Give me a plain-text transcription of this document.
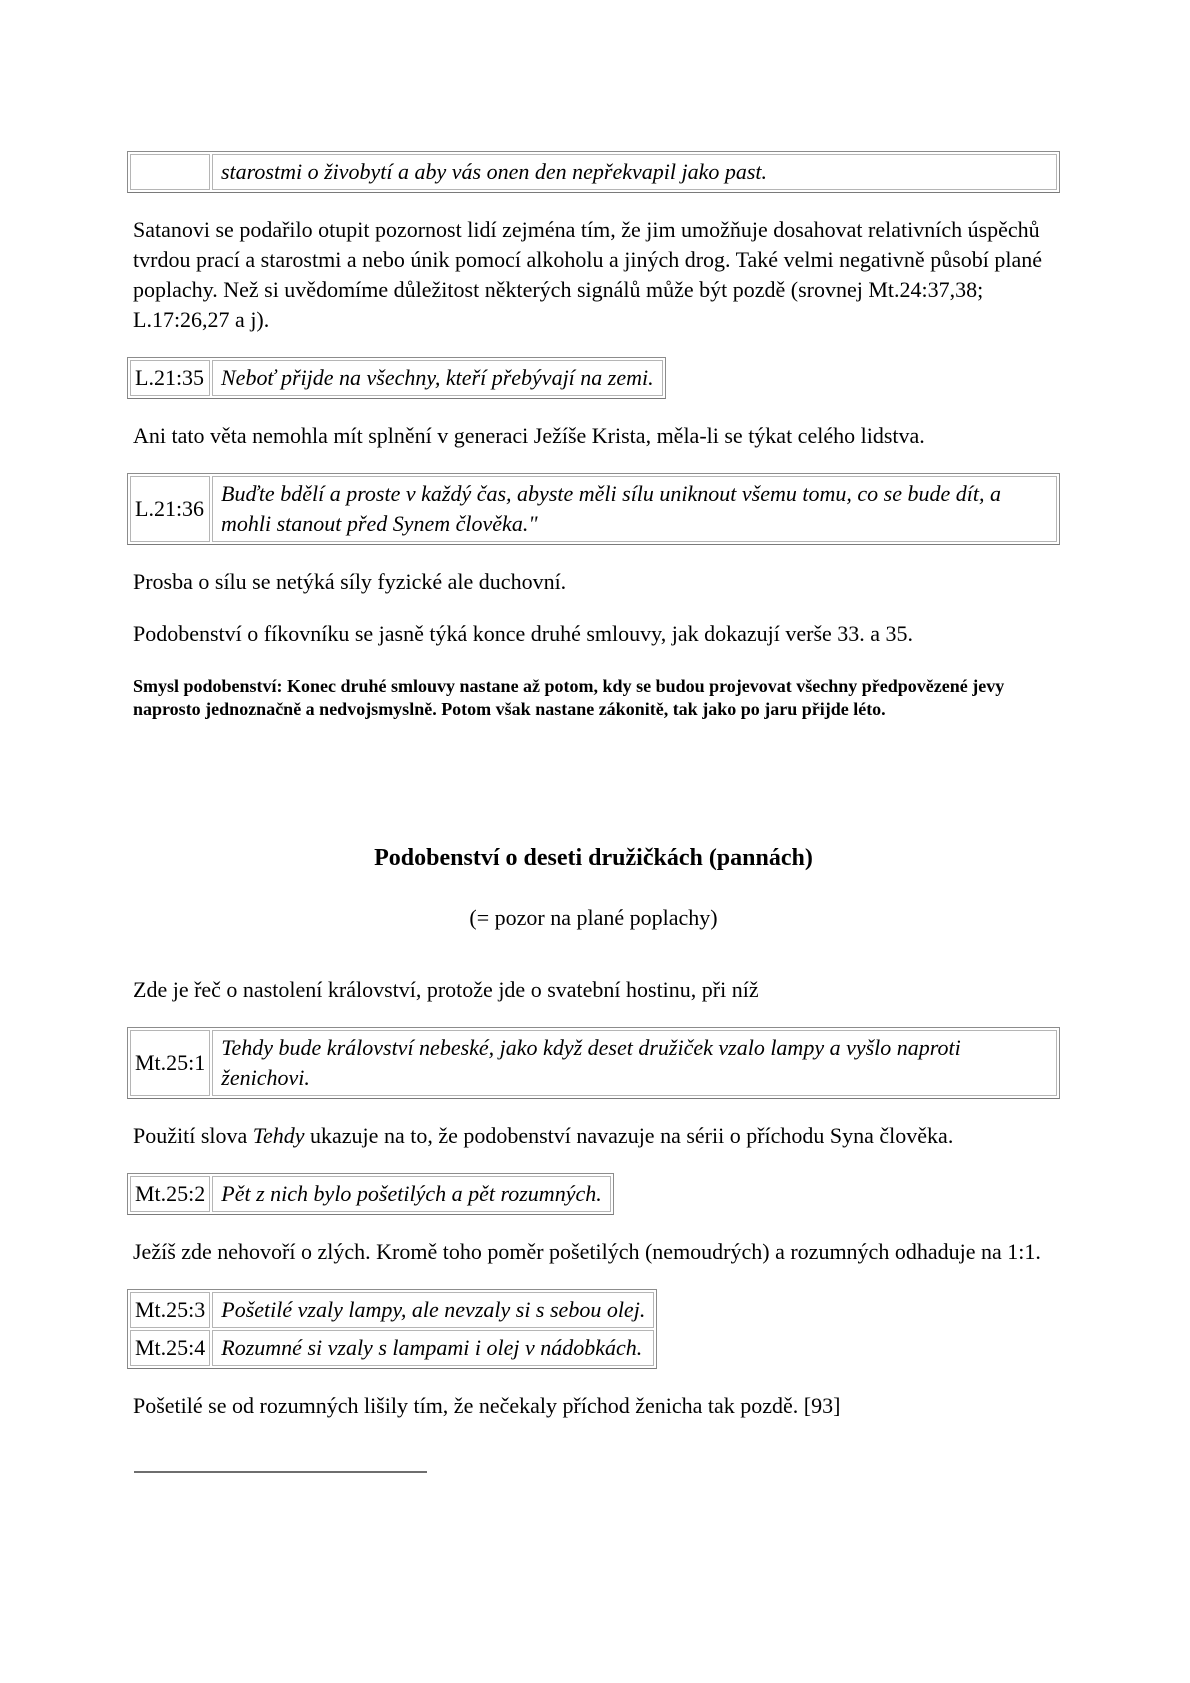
	starostmi o živobytí a aby vás onen den nepřekvapil jako past.

Satanovi se podařilo otupit pozornost lidí zejména tím, že jim umožňuje dosahovat relativních úspěchů tvrdou prací a starostmi a nebo únik pomocí alkoholu a jiných drog. Také velmi negativně působí plané poplachy. Než si uvědomíme důležitost některých signálů může být pozdě (srovnej Mt.24:37,38; L.17:26,27 a j).

L.21:35	Neboť přijde na všechny, kteří přebývají na zemi.

Ani tato věta nemohla mít splnění v generaci Ježíše Krista, měla-li se týkat celého lidstva.

L.21:36	Buďte bdělí a proste v každý čas, abyste měli sílu uniknout všemu tomu, co se bude dít, a mohli stanout před Synem člověka."

Prosba o sílu se netýká síly fyzické ale duchovní.

Podobenství o fíkovníku se jasně týká konce druhé smlouvy, jak dokazují verše 33. a 35.

Smysl podobenství: Konec druhé smlouvy nastane až potom, kdy se budou projevovat všechny předpovězené jevy naprosto jednoznačně a nedvojsmyslně. Potom však nastane zákonitě, tak jako po jaru přijde léto.

Podobenství o deseti družičkách (pannách)

(= pozor na plané poplachy)

Zde je řeč o nastolení království, protože jde o svatební hostinu, při níž

Mt.25:1	Tehdy bude království nebeské, jako když deset družiček vzalo lampy a vyšlo naproti ženichovi.

Použití slova Tehdy ukazuje na to, že podobenství navazuje na sérii o příchodu Syna člověka.

Mt.25:2	Pět z nich bylo pošetilých a pět rozumných.

Ježíš zde nehovoří o zlých. Kromě toho poměr pošetilých (nemoudrých) a rozumných odhaduje na 1:1.

Mt.25:3	Pošetilé vzaly lampy, ale nevzaly si s sebou olej.
Mt.25:4	Rozumné si vzaly s lampami i olej v nádobkách.

Pošetilé se od rozumných lišily tím, že nečekaly příchod ženicha tak pozdě. [93]
